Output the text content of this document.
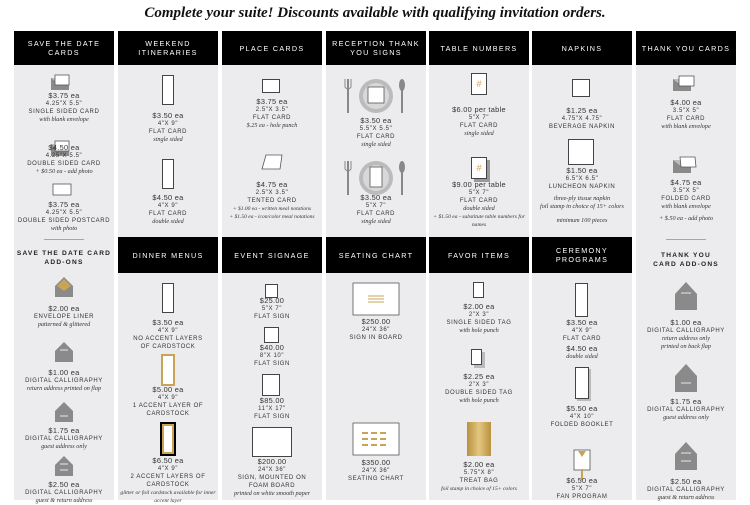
Complete your suite! Discounts available with qualifying invitation orders.
SAVE THE DATE CARDS
$3.75 ea
4.25"X 5.5"
SINGLE SIDED CARD
with blank envelope
$4.50 ea
4.25"X 5.5"
DOUBLE SIDED CARD
+ $0.50 ea - add photo
$3.75 ea
4.25"X 5.5"
DOUBLE SIDED POSTCARD
with photo
SAVE THE DATE CARD ADD-ONS
$2.00 ea
ENVELOPE LINER
patterned & glittered
$1.00 ea
DIGITAL CALLIGRAPHY
return address printed on flap
$1.75 ea
DIGITAL CALLIGRAPHY
guest address only
$2.50 ea
DIGITAL CALLIGRAPHY
guest & return address
WEEKEND ITINERARIES
$3.50 ea
4"X 9"
FLAT CARD
single sided
$4.50 ea
4"X 9"
FLAT CARD
double sided
DINNER MENUS
$3.50 ea
4"X 9"
NO ACCENT LAYERS OF CARDSTOCK
$5.00 ea
4"X 9"
1 ACCENT LAYER OF CARDSTOCK
$6.50 ea
4"X 9"
2 ACCENT LAYERS OF CARDSTOCK
glitter or foil cardstock available for inner accent layer
PLACE CARDS
$3.75 ea
2.5"X 3.5"
FLAT CARD
$.25 ea - hole punch
$4.75 ea
2.5"X 3.5"
TENTED CARD
+ $1.00 ea - written meal notations
+ $1.50 ea - icon/color meal notations
EVENT SIGNAGE
$25.00
5"X 7"
FLAT SIGN
$40.00
8"X 10"
FLAT SIGN
$85.00
11"X 17"
FLAT SIGN
$200.00
24"X 36"
SIGN, MOUNTED ON FOAM BOARD
printed on white smooth paper
RECEPTION THANK YOU SIGNS
$3.50 ea
5.5"X 5.5"
FLAT CARD
single sided
$3.50 ea
5"X 7"
FLAT CARD
single sided
SEATING CHART
$250.00
24"X 36"
SIGN IN BOARD
$350.00
24"X 36"
SEATING CHART
TABLE NUMBERS
#
$6.00 per table
5"X 7"
FLAT CARD
single sided
#
$9.00 per table
5"X 7"
FLAT CARD
double sided
+ $1.50 ea - substitute table numbers for names
FAVOR ITEMS
$2.00 ea
2"X 3"
SINGLE SIDED TAG
with hole punch
$2.25 ea
2"X 3"
DOUBLE SIDED TAG
with hole punch
$2.00 ea
5.75"X 8"
TREAT BAG
foil stamp in choice of 15+ colors
NAPKINS
$1.25 ea
4.75"X 4.75"
BEVERAGE NAPKIN
$1.50 ea
6.5"X 6.5"
LUNCHEON NAPKIN
three-ply tissue napkin
foil stamp in choice of 15+ colors
minimum 100 pieces
CEREMONY PROGRAMS
$3.50 ea
4"X 9"
FLAT CARD
$4.50 ea
double sided
$5.50 ea
4"X 10"
FOLDED BOOKLET
$6.50 ea
5"X 7"
FAN PROGRAM
THANK YOU CARDS
$4.00 ea
3.5"X 5"
FLAT CARD
with blank envelope
$4.75 ea
3.5"X 5"
FOLDED CARD
with blank envelope
+ $.50 ea - add photo
THANK YOU CARD ADD-ONS
$1.00 ea
DIGITAL CALLIGRAPHY
return address only
printed on back flap
$1.75 ea
DIGITAL CALLIGRAPHY
guest address only
$2.50 ea
DIGITAL CALLIGRAPHY
guest & return address
